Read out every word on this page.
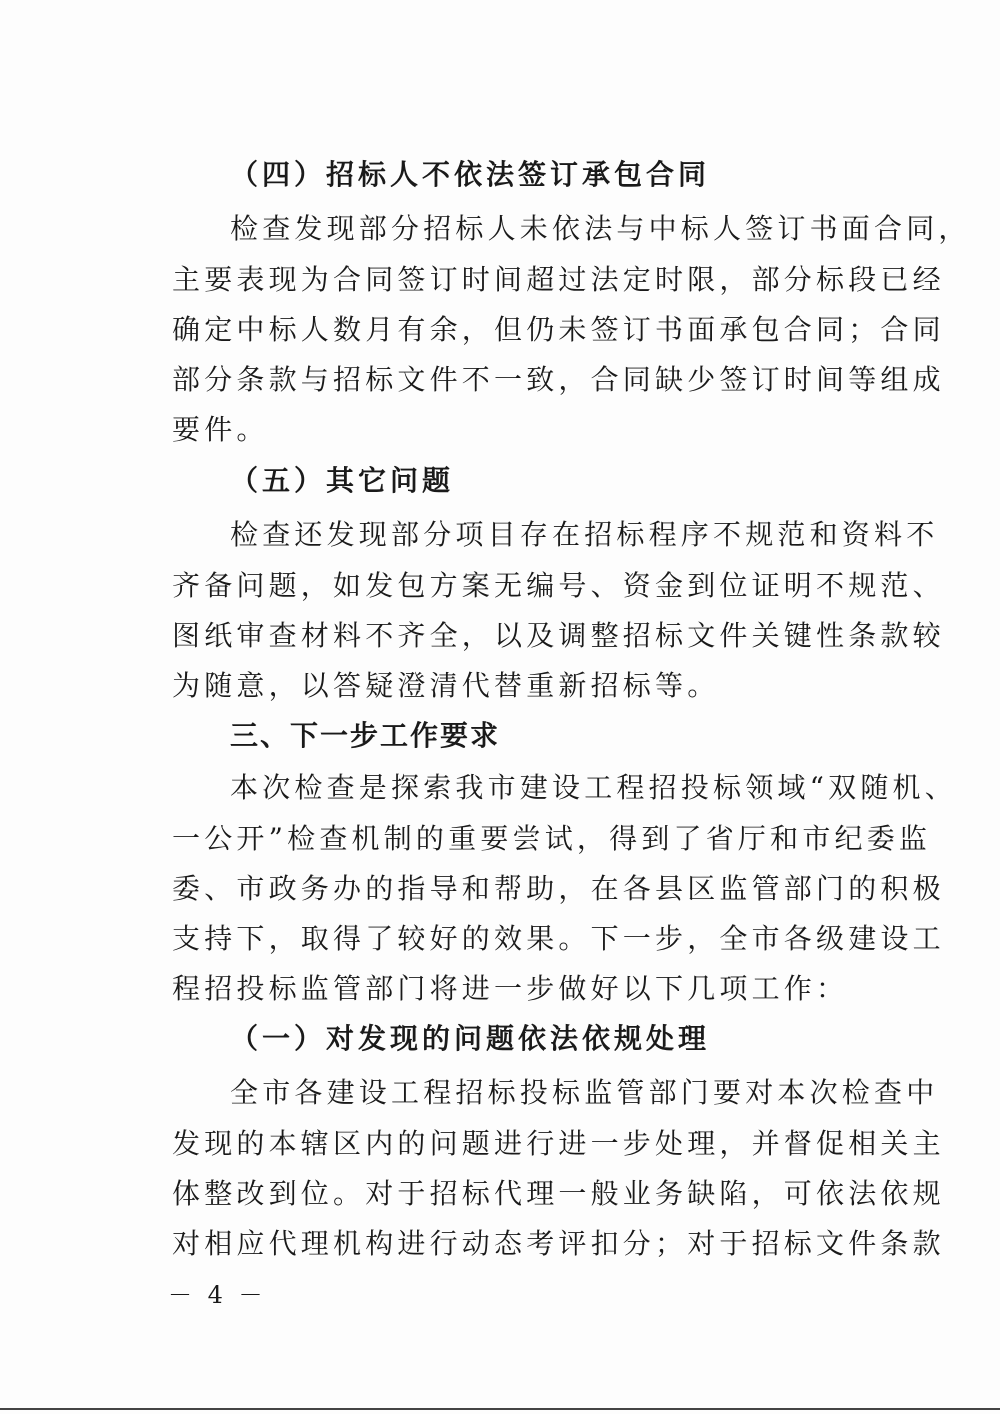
（四）招标人不依法签订承包合同
检查发现部分招标人未依法与中标人签订书面合同，
主要表现为合同签订时间超过法定时限，部分标段已经
确定中标人数月有余，但仍未签订书面承包合同；合同
部分条款与招标文件不一致，合同缺少签订时间等组成
要件。
（五）其它问题
检查还发现部分项目存在招标程序不规范和资料不
齐备问题，如发包方案无编号、资金到位证明不规范、
图纸审查材料不齐全，以及调整招标文件关键性条款较
为随意，以答疑澄清代替重新招标等。
三、下一步工作要求
本次检查是探索我市建设工程招投标领域“双随机、
一公开”检查机制的重要尝试，得到了省厅和市纪委监
委、市政务办的指导和帮助，在各县区监管部门的积极
支持下，取得了较好的效果。下一步，全市各级建设工
程招投标监管部门将进一步做好以下几项工作：
（一）对发现的问题依法依规处理
全市各建设工程招标投标监管部门要对本次检查中
发现的本辖区内的问题进行进一步处理，并督促相关主
体整改到位。对于招标代理一般业务缺陷，可依法依规
对相应代理机构进行动态考评扣分；对于招标文件条款
－ 4 －
